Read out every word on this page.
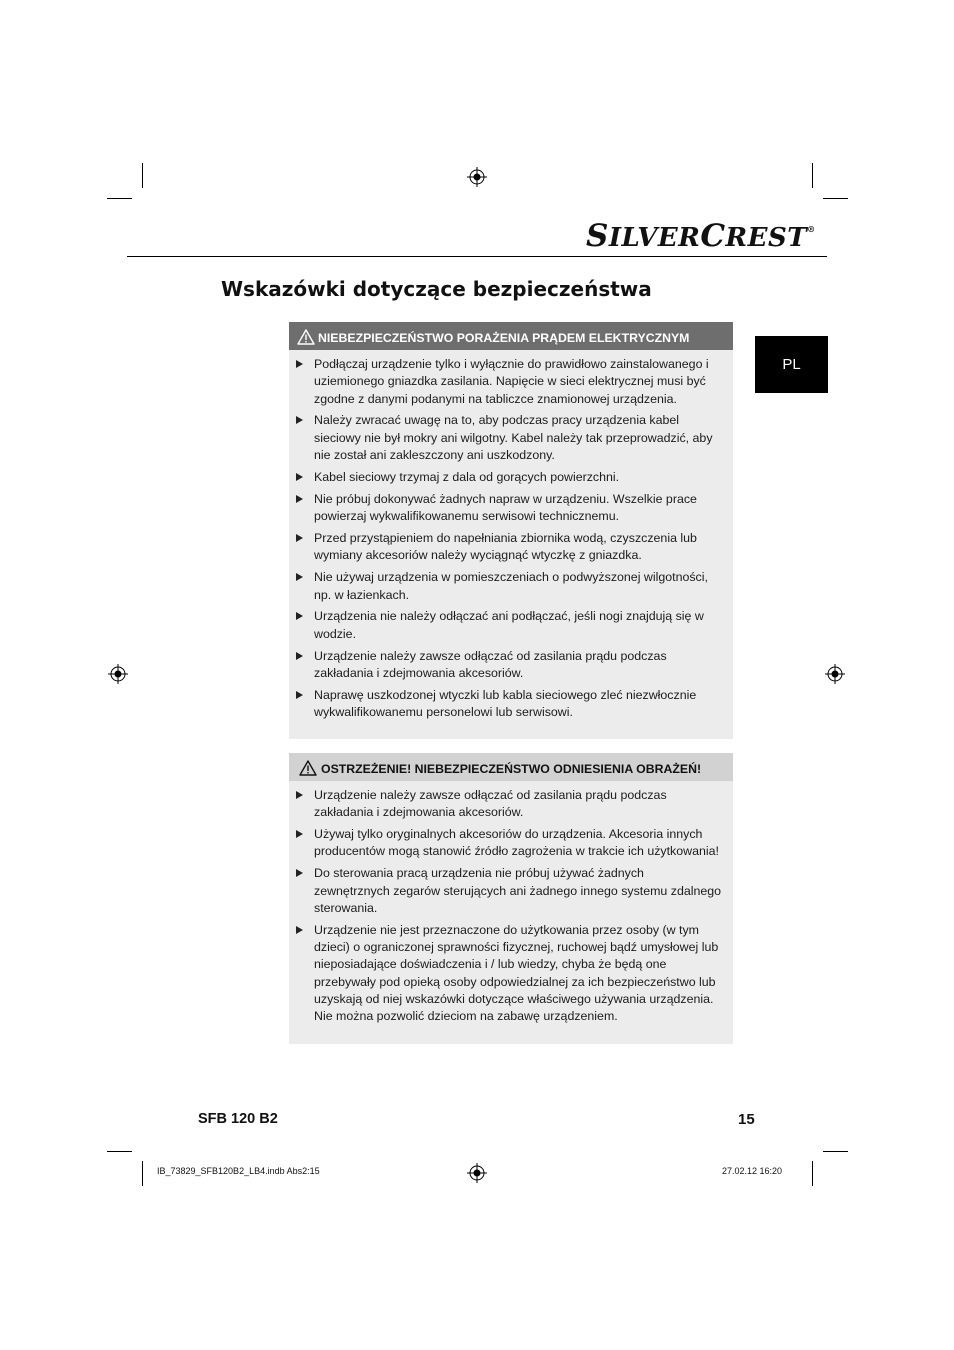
SILVERCREST®
Wskazówki dotyczące bezpieczeństwa
PL
NIEBEZPIECZEŃSTWO PORAŻENIA PRĄDEM ELEKTRYCZNYM
Podłączaj urządzenie tylko i wyłącznie do prawidłowo zainstalowanego i uziemionego gniazdka zasilania. Napięcie w sieci elektrycznej musi być zgodne z danymi podanymi na tabliczce znamionowej urządzenia.
Należy zwracać uwagę na to, aby podczas pracy urządzenia kabel sieciowy nie był mokry ani wilgotny. Kabel należy tak przeprowadzić, aby nie został ani zakleszczony ani uszkodzony.
Kabel sieciowy trzymaj z dala od gorących powierzchni.
Nie próbuj dokonywać żadnych napraw w urządzeniu. Wszelkie prace powierzaj wykwalifikowanemu serwisowi technicznemu.
Przed przystąpieniem do napełniania zbiornika wodą, czyszczenia lub wymiany akcesoriów należy wyciągnąć wtyczkę z gniazdka.
Nie używaj urządzenia w pomieszczeniach o podwyższonej wilgotności, np. w łazienkach.
Urządzenia nie należy odłączać ani podłączać, jeśli nogi znajdują się w wodzie.
Urządzenie należy zawsze odłączać od zasilania prądu podczas zakładania i zdejmowania akcesoriów.
Naprawę uszkodzonej wtyczki lub kabla sieciowego zleć niezwłocznie wykwalifikowanemu personelowi lub serwisowi.
OSTRZEŻENIE! NIEBEZPIECZEŃSTWO ODNIESIENIA OBRAŻEŃ!
Urządzenie należy zawsze odłączać od zasilania prądu podczas zakładania i zdejmowania akcesoriów.
Używaj tylko oryginalnych akcesoriów do urządzenia. Akcesoria innych producentów mogą stanowić źródło zagrożenia w trakcie ich użytkowania!
Do sterowania pracą urządzenia nie próbuj używać żadnych zewnętrznych zegarów sterujących ani żadnego innego systemu zdalnego sterowania.
Urządzenie nie jest przeznaczone do użytkowania przez osoby (w tym dzieci) o ograniczonej sprawności fizycznej, ruchowej bądź umysłowej lub nieposiadające doświadczenia i / lub wiedzy, chyba że będą one przebywały pod opieką osoby odpowiedzialnej za ich bezpieczeństwo lub uzyskają od niej wskazówki dotyczące właściwego używania urządzenia. Nie można pozwolić dzieciom na zabawę urządzeniem.
SFB 120 B2	15
IB_73829_SFB120B2_LB4.indb Abs2:15	27.02.12 16:20
